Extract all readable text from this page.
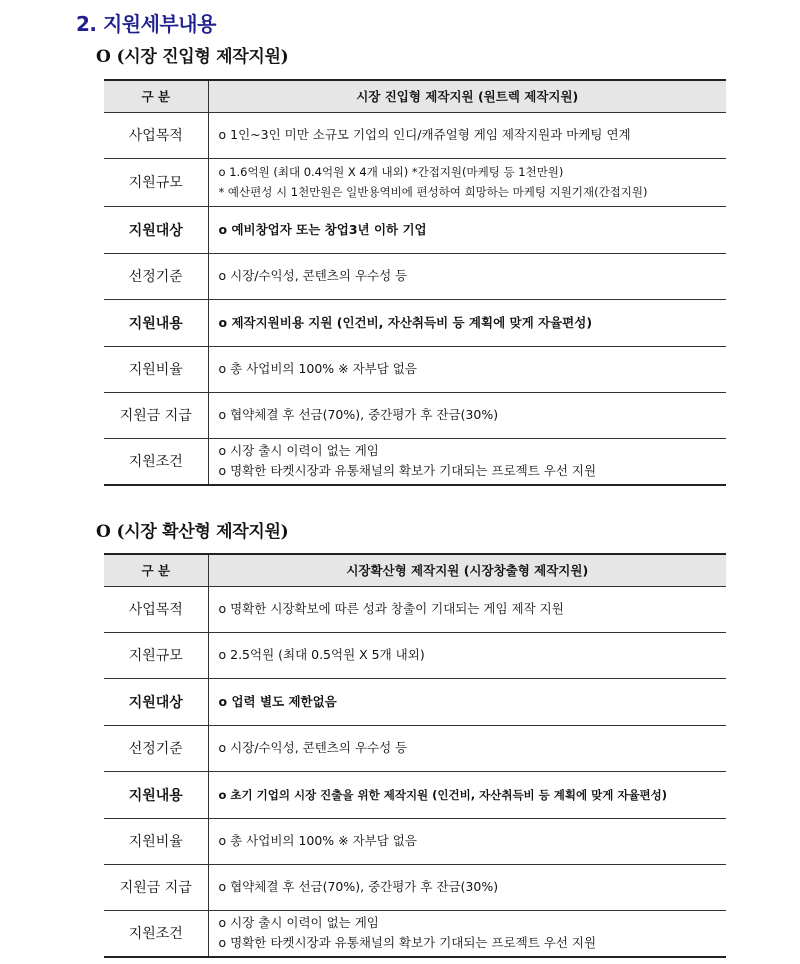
2. 지원세부내용
O (시장 진입형 제작지원)
구 분	시장 진입형 제작지원 (원트렉 제작지원)
사업목적	o 1인~3인 미만 소규모 기업의 인디/캐쥬얼형 게임 제작지원과 마케팅 연계

지원규모	o 1.6억원 (최대 0.4억원 X 4개 내외) *간접지원(마케팅 등 1천만원)
* 예산편성 시 1천만원은 일반용역비에 편성하여 희망하는 마케팅 지원기재(간접지원)

지원대상	o 예비창업자 또는 창업3년 이하 기업

선정기준	o 시장/수익성, 콘텐츠의 우수성 등

지원내용	o 제작지원비용 지원 (인건비, 자산취득비 등 계획에 맞게 자율편성)

지원비율	o 총 사업비의 100% ※ 자부담 없음

지원금 지급	o 협약체결 후 선금(70%), 중간평가 후 잔금(30%)

지원조건	o 시장 출시 이력이 없는 게임
o 명확한 타켓시장과 유통채널의 확보가 기대되는 프로젝트 우선 지원
O (시장 확산형 제작지원)
구 분	시장확산형 제작지원 (시장창출형 제작지원)
사업목적	o 명확한 시장확보에 따른 성과 창출이 기대되는 게임 제작 지원

지원규모	o 2.5억원 (최대 0.5억원 X 5개 내외)

지원대상	o 업력 별도 제한없음

선정기준	o 시장/수익성, 콘텐츠의 우수성 등

지원내용	o 초기 기업의 시장 진출을 위한 제작지원 (인건비, 자산취득비 등 계획에 맞게 자율편성)

지원비율	o 총 사업비의 100% ※ 자부담 없음

지원금 지급	o 협약체결 후 선금(70%), 중간평가 후 잔금(30%)

지원조건	o 시장 출시 이력이 없는 게임
o 명확한 타켓시장과 유통채널의 확보가 기대되는 프로젝트 우선 지원
